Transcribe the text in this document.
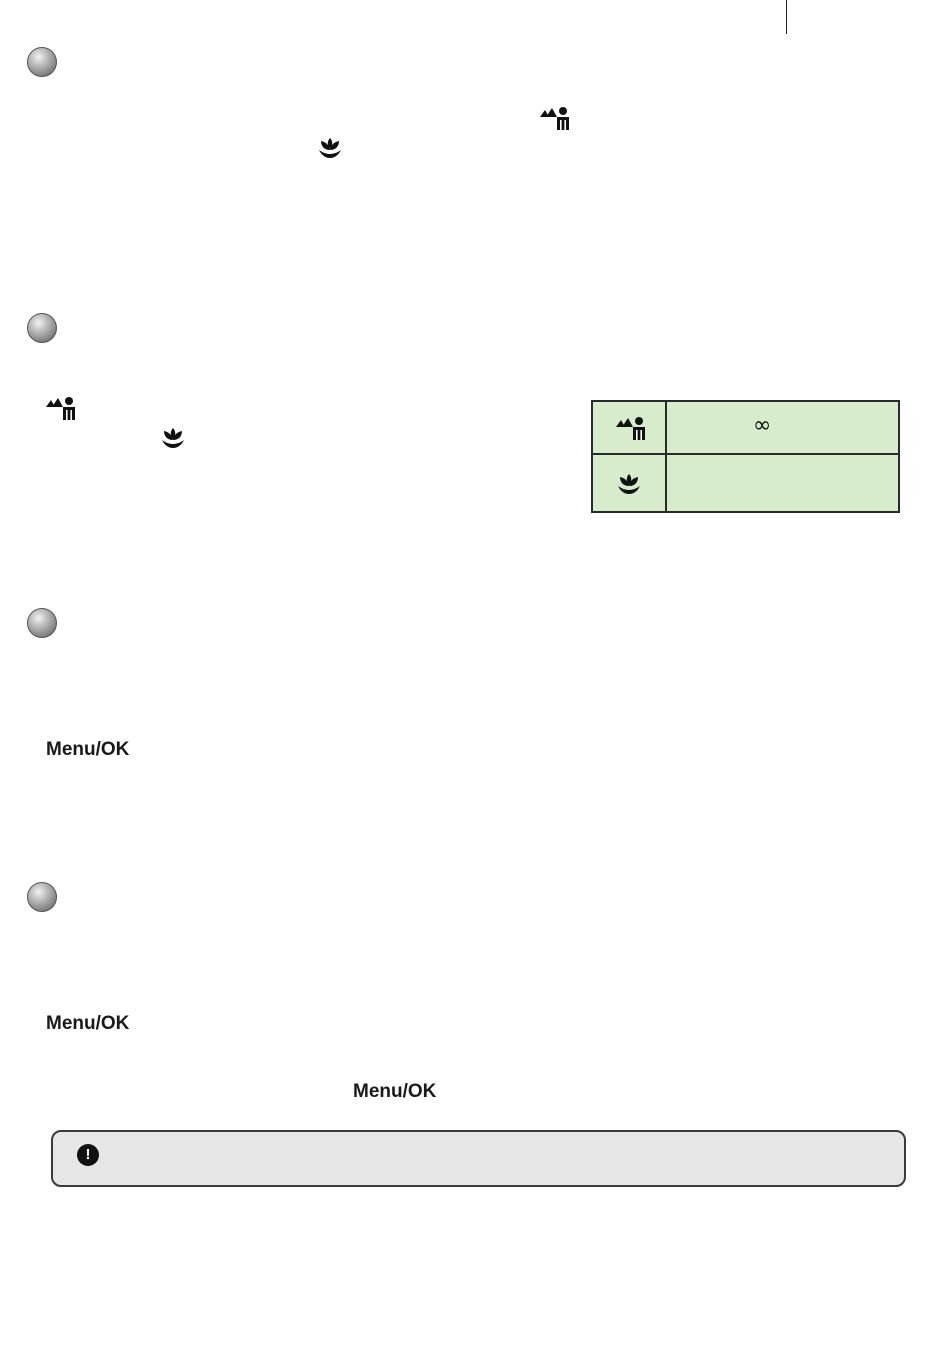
∞
Menu/OK
Menu/OK
Menu/OK
!
